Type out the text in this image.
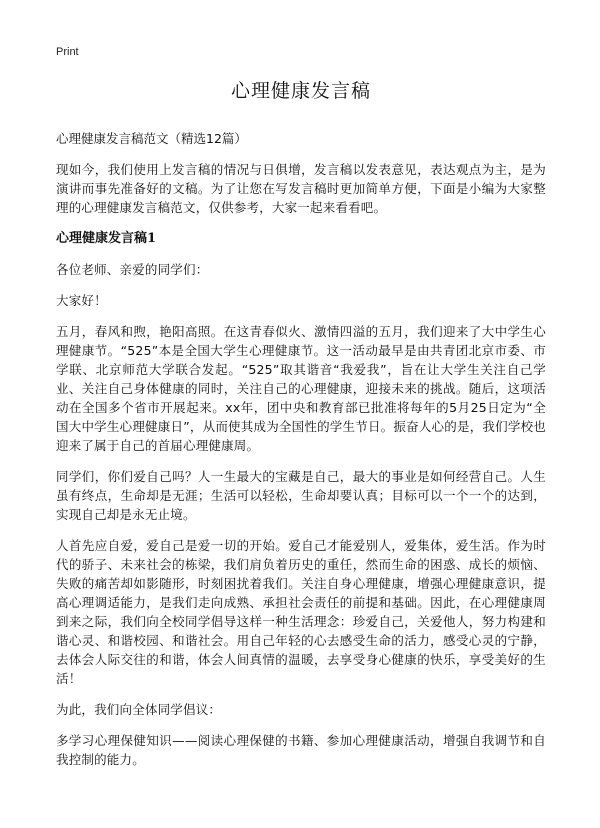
Print
心理健康发言稿
心理健康发言稿范文（精选12篇）

现如今，我们使用上发言稿的情况与日俱增，发言稿以发表意见，表达观点为主，是为演讲而事先准备好的文稿。为了让您在写发言稿时更加简单方便，下面是小编为大家整理的心理健康发言稿范文，仅供参考，大家一起来看看吧。

心理健康发言稿1

各位老师、亲爱的同学们：

大家好！

五月，春风和煦，艳阳高照。在这青春似火、激情四溢的五月，我们迎来了大中学生心理健康节。“525”本是全国大学生心理健康节。这一活动最早是由共青团北京市委、市学联、北京师范大学联合发起。“525”取其谐音“我爱我”，旨在让大学生关注自己学业、关注自己身体健康的同时，关注自己的心理健康，迎接未来的挑战。随后，这项活动在全国多个省市开展起来。xx年，团中央和教育部已批准将每年的5月25日定为“全国大中学生心理健康日”，从而使其成为全国性的学生节日。振奋人心的是，我们学校也迎来了属于自己的首届心理健康周。

同学们，你们爱自己吗？人一生最大的宝藏是自己，最大的事业是如何经营自己。人生虽有终点，生命却是无涯；生活可以轻松，生命却要认真；目标可以一个一个的达到，实现自己却是永无止境。

人首先应自爱，爱自己是爱一切的开始。爱自己才能爱别人，爱集体，爱生活。作为时代的骄子、未来社会的栋梁，我们肩负着历史的重任，然而生命的困惑、成长的烦恼、失败的痛苦却如影随形，时刻困扰着我们。关注自身心理健康，增强心理健康意识，提高心理调适能力，是我们走向成熟、承担社会责任的前提和基础。因此，在心理健康周到来之际，我们向全校同学倡导这样一种生活理念：珍爱自己，关爱他人，努力构建和谐心灵、和谐校园、和谐社会。用自己年轻的心去感受生命的活力，感受心灵的宁静，去体会人际交往的和谐，体会人间真情的温暖，去享受身心健康的快乐，享受美好的生活！

为此，我们向全体同学倡议：

多学习心理保健知识——阅读心理保健的书籍、参加心理健康活动，增强自我调节和自我控制的能力。
